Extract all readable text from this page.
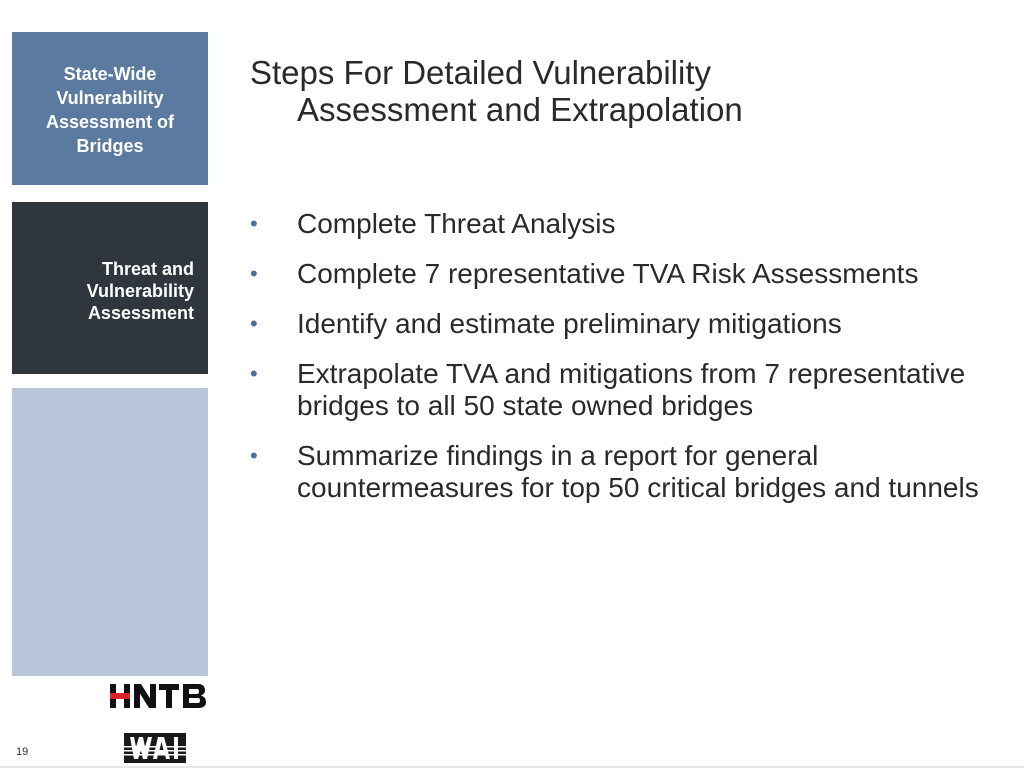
State-Wide
Vulnerability
Assessment of
Bridges
Threat and
Vulnerability
Assessment
19
Steps For Detailed Vulnerability
Assessment and Extrapolation
• Complete Threat Analysis
• Complete 7 representative TVA Risk Assessments
• Identify and estimate preliminary mitigations
• Extrapolate TVA and mitigations from 7 representative bridges to all 50 state owned bridges
• Summarize findings in a report for general countermeasures for top 50 critical bridges and tunnels
